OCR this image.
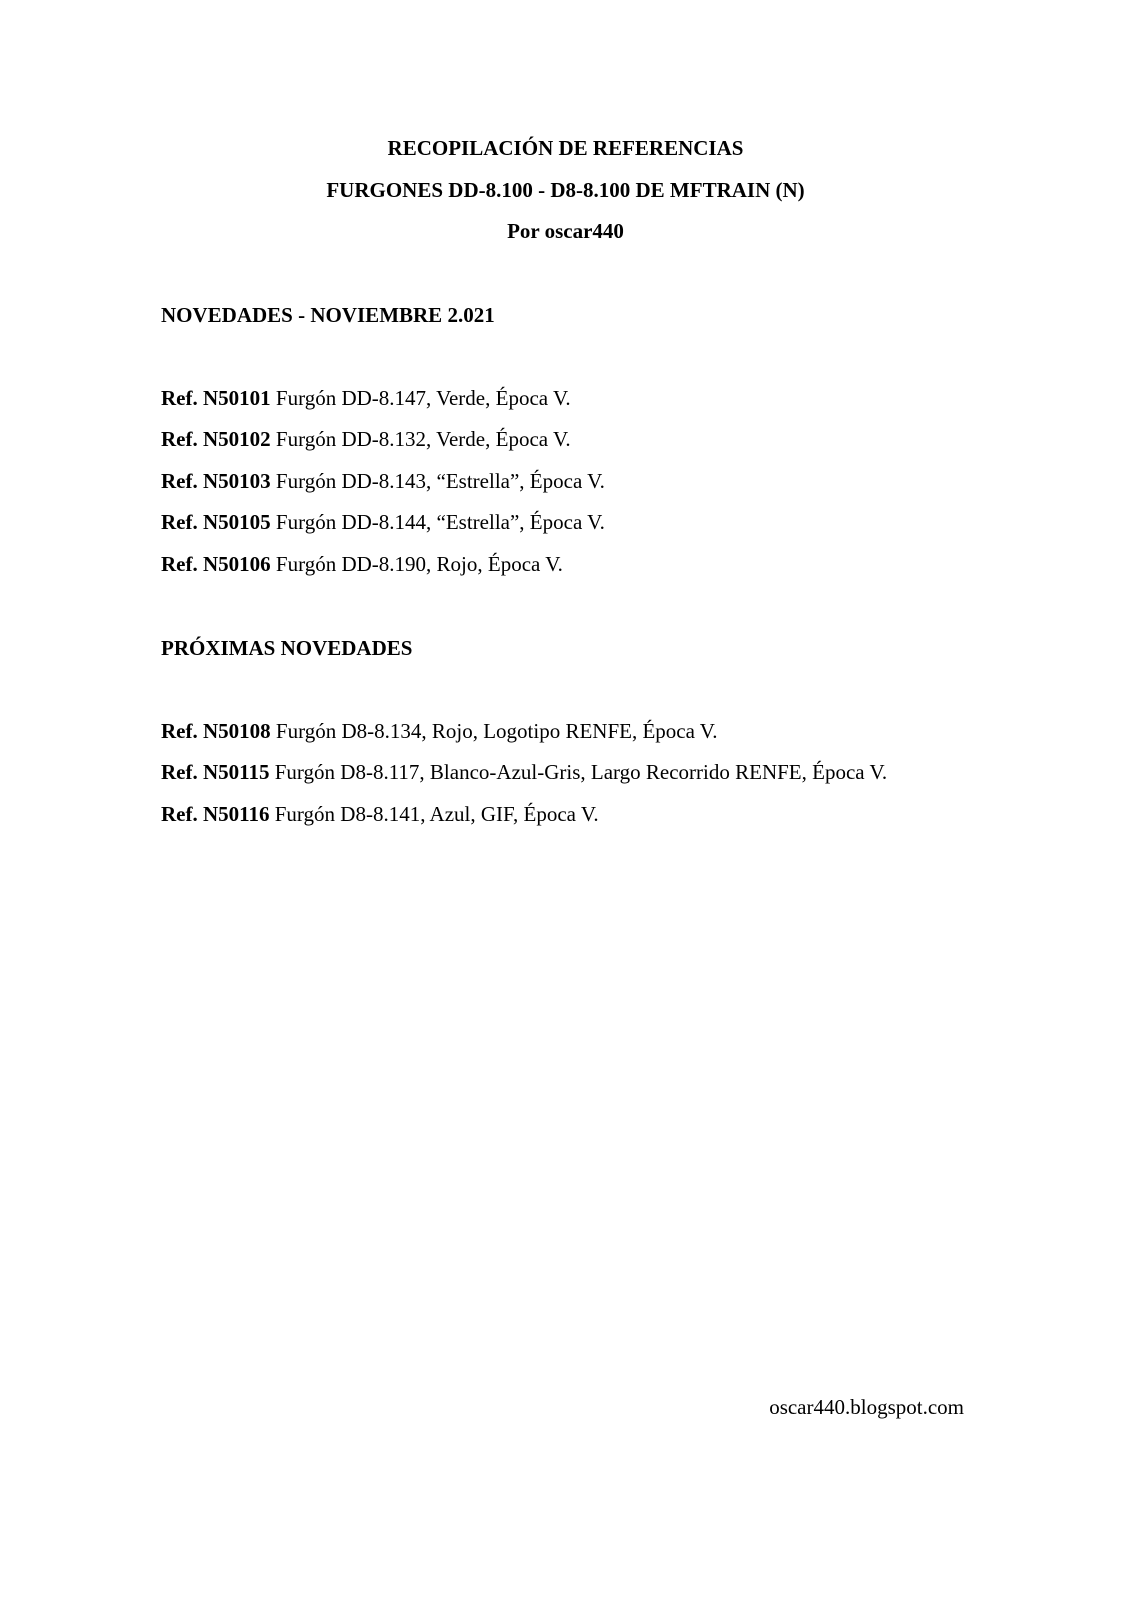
RECOPILACIÓN DE REFERENCIAS
FURGONES DD-8.100 - D8-8.100 DE MFTRAIN (N)
Por oscar440
NOVEDADES - NOVIEMBRE 2.021
Ref. N50101 Furgón DD-8.147, Verde, Época V.
Ref. N50102 Furgón DD-8.132, Verde, Época V.
Ref. N50103 Furgón DD-8.143, “Estrella”, Época V.
Ref. N50105 Furgón DD-8.144, “Estrella”, Época V.
Ref. N50106 Furgón DD-8.190, Rojo, Época V.
PRÓXIMAS NOVEDADES
Ref. N50108 Furgón D8-8.134, Rojo, Logotipo RENFE, Época V.
Ref. N50115 Furgón D8-8.117, Blanco-Azul-Gris, Largo Recorrido RENFE, Época V.
Ref. N50116 Furgón D8-8.141, Azul, GIF, Época V.
oscar440.blogspot.com
